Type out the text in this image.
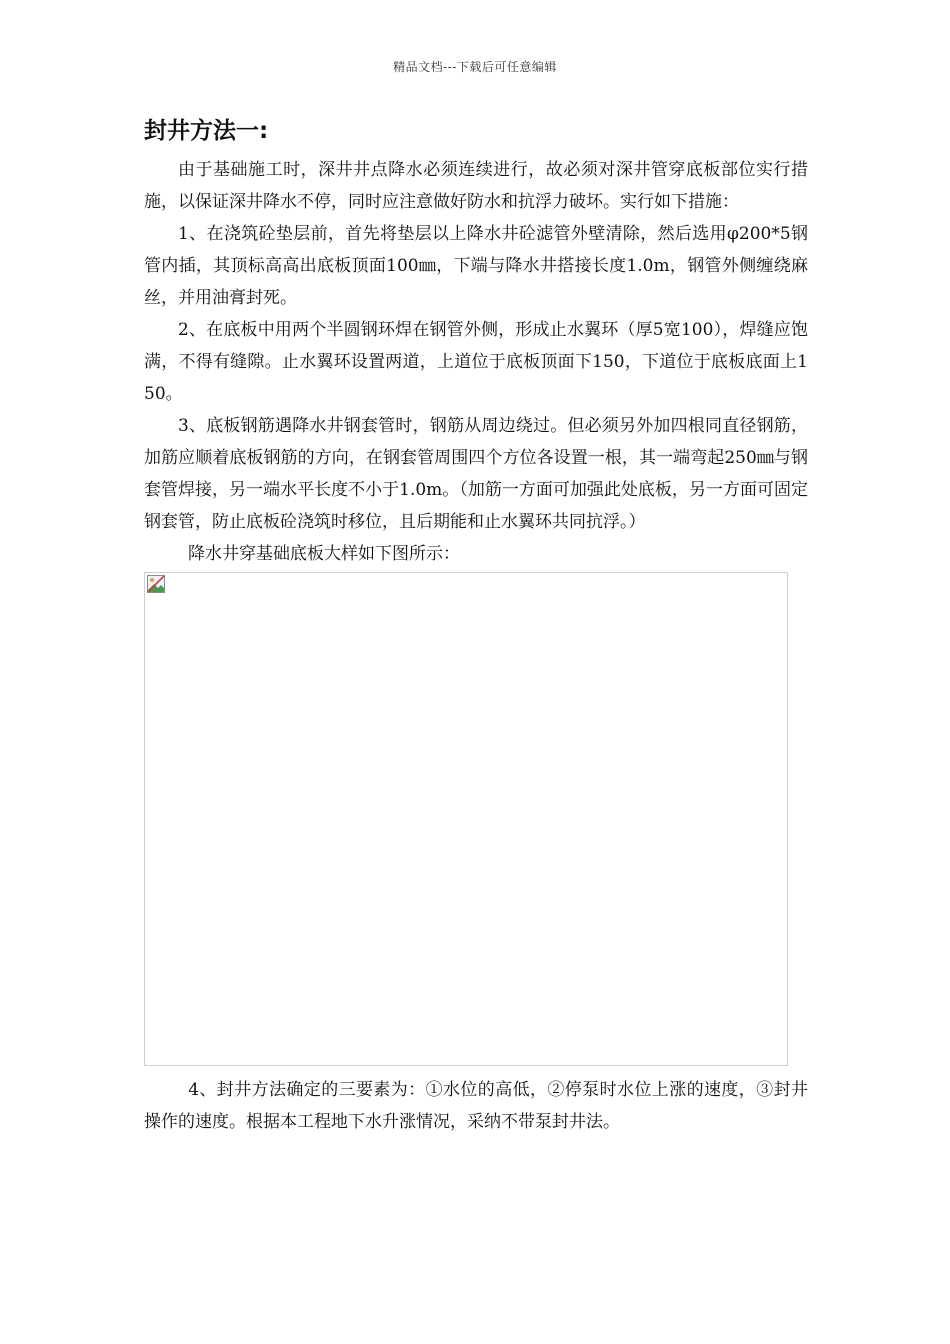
精品文档---下载后可任意编辑
封井方法一:

由于基础施工时，深井井点降水必须连续进行，故必须对深井管穿底板部位实行措施，以保证深井降水不停，同时应注意做好防水和抗浮力破坏。实行如下措施：

1、在浇筑砼垫层前，首先将垫层以上降水井砼滤管外壁清除，然后选用φ200*5钢管内插，其顶标高高出底板顶面100㎜，下端与降水井搭接长度1.0m，钢管外侧缠绕麻丝，并用油膏封死。

2、在底板中用两个半圆钢环焊在钢管外侧，形成止水翼环（厚5宽100），焊缝应饱满，不得有缝隙。止水翼环设置两道，上道位于底板顶面下150，下道位于底板底面上150。

3、底板钢筋遇降水井钢套管时，钢筋从周边绕过。但必须另外加四根同直径钢筋，加筋应顺着底板钢筋的方向，在钢套管周围四个方位各设置一根，其一端弯起250㎜与钢套管焊接，另一端水平长度不小于1.0m。（加筋一方面可加强此处底板，另一方面可固定钢套管，防止底板砼浇筑时移位，且后期能和止水翼环共同抗浮。）

降水井穿基础底板大样如下图所示：

4、封井方法确定的三要素为：①水位的高低，②停泵时水位上涨的速度，③封井操作的速度。根据本工程地下水升涨情况，采纳不带泵封井法。
